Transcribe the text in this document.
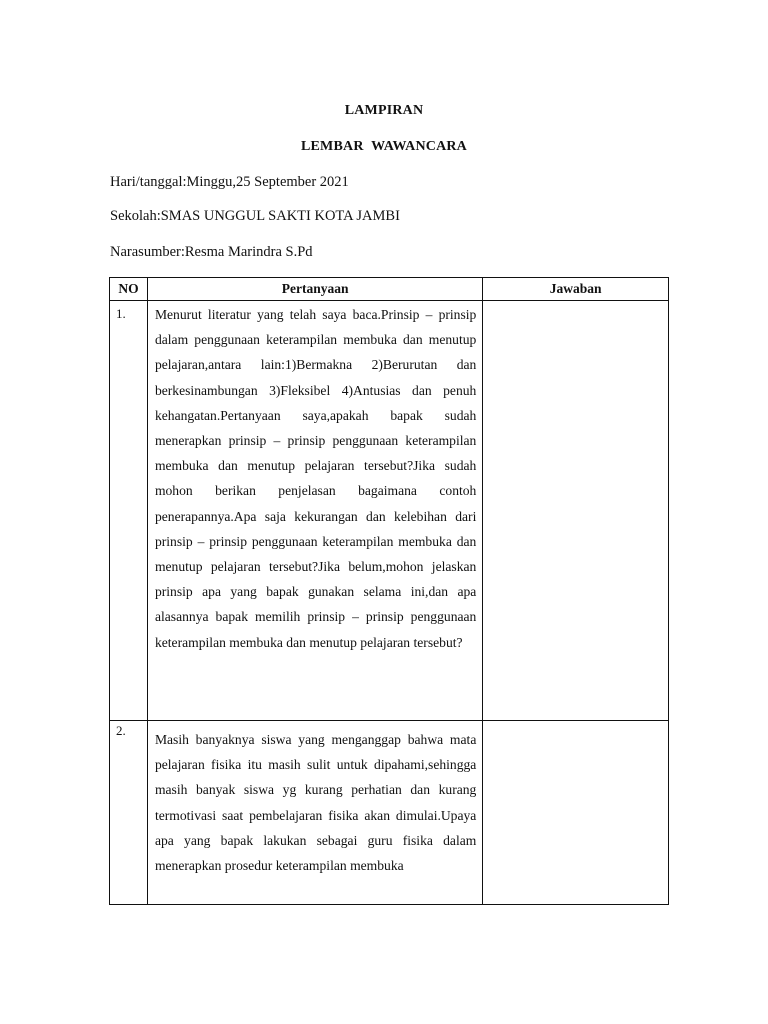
LAMPIRAN
LEMBAR WAWANCARA
Hari/tanggal:Minggu,25 September 2021
Sekolah:SMAS UNGGUL SAKTI KOTA JAMBI
Narasumber:Resma Marindra S.Pd
NO	Pertanyaan	Jawaban
1.	Menurut literatur yang telah saya baca.Prinsip – prinsip dalam penggunaan keterampilan membuka dan menutup pelajaran,antara lain:1)Bermakna 2)Berurutan dan berkesinambungan 3)Fleksibel 4)Antusias dan penuh kehangatan.Pertanyaan saya,apakah bapak sudah menerapkan prinsip – prinsip penggunaan keterampilan membuka dan menutup pelajaran tersebut?Jika sudah mohon berikan penjelasan bagaimana contoh penerapannya.Apa saja kekurangan dan kelebihan dari prinsip – prinsip penggunaan keterampilan membuka dan menutup pelajaran tersebut?Jika belum,mohon jelaskan prinsip apa yang bapak gunakan selama ini,dan apa alasannya bapak memilih prinsip – prinsip penggunaan keterampilan membuka dan menutup pelajaran tersebut?	
2.	Masih banyaknya siswa yang menganggap bahwa mata pelajaran fisika itu masih sulit untuk dipahami,sehingga masih banyak siswa yg kurang perhatian dan kurang termotivasi saat pembelajaran fisika akan dimulai.Upaya apa yang bapak lakukan sebagai guru fisika dalam menerapkan prosedur keterampilan membuka	
